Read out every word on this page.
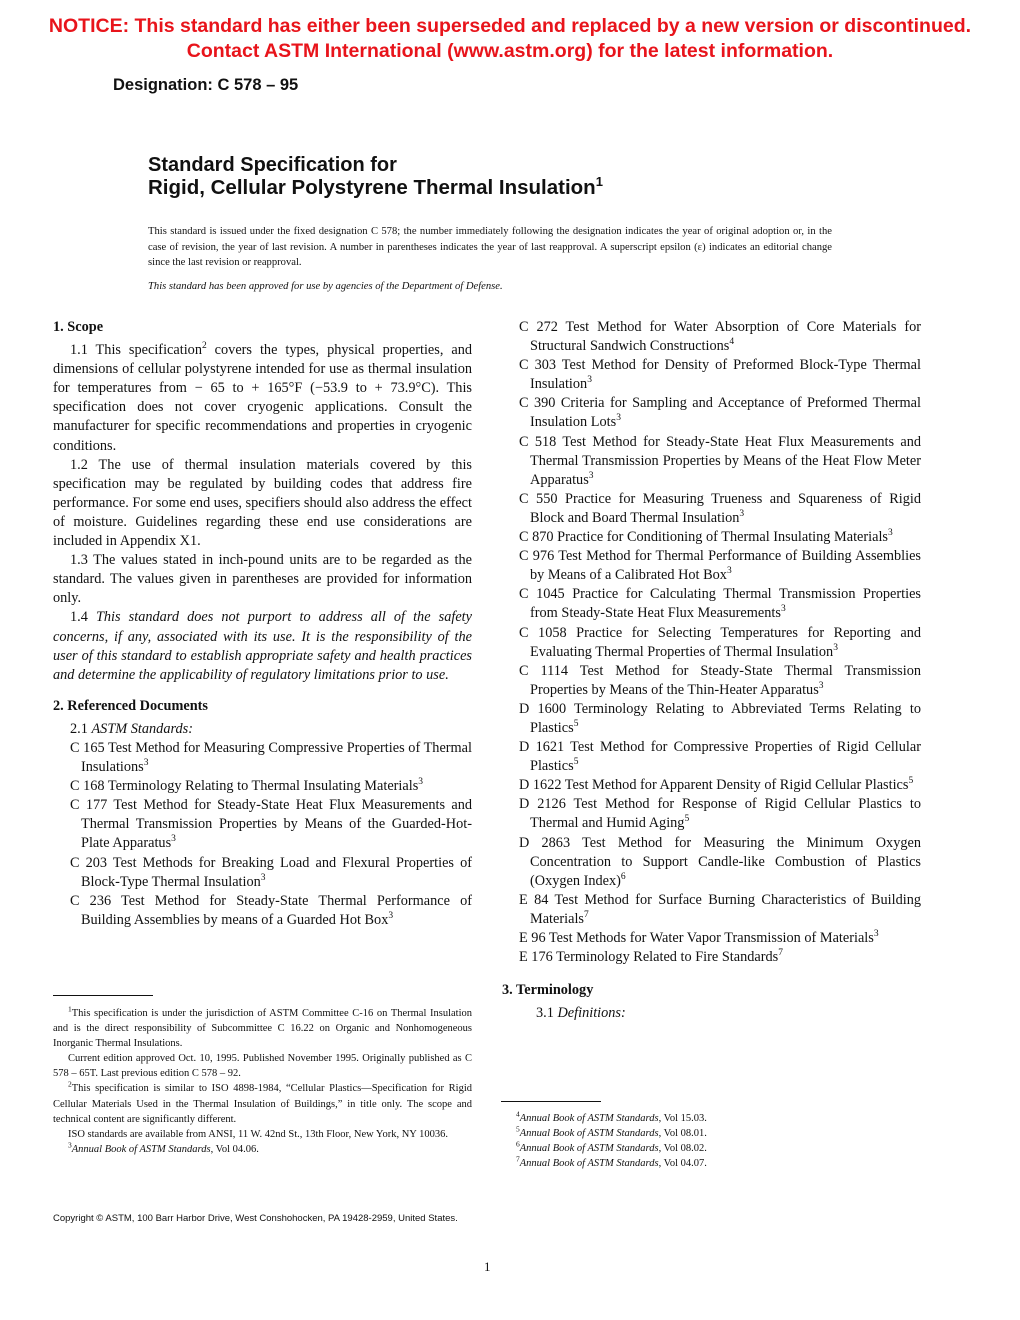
NOTICE: This standard has either been superseded and replaced by a new version or discontinued.
Contact ASTM International (www.astm.org) for the latest information.
Designation: C 578 – 95
Standard Specification for
Rigid, Cellular Polystyrene Thermal Insulation$^1$
This standard is issued under the fixed designation C 578; the number immediately following the designation indicates the year of original adoption or, in the case of revision, the year of last revision. A number in parentheses indicates the year of last reapproval. A superscript epsilon (ε) indicates an editorial change since the last revision or reapproval.
This standard has been approved for use by agencies of the Department of Defense.

1. Scope

1.1 This specification$^2$ covers the types, physical properties, and dimensions of cellular polystyrene intended for use as thermal insulation for temperatures from − 65 to + 165°F (−53.9 to + 73.9°C). This specification does not cover cryogenic applications. Consult the manufacturer for specific recommendations and properties in cryogenic conditions.

1.2 The use of thermal insulation materials covered by this specification may be regulated by building codes that address fire performance. For some end uses, specifiers should also address the effect of moisture. Guidelines regarding these end use considerations are included in Appendix X1.

1.3 The values stated in inch-pound units are to be regarded as the standard. The values given in parentheses are provided for information only.

1.4 This standard does not purport to address all of the safety concerns, if any, associated with its use. It is the responsibility of the user of this standard to establish appropriate safety and health practices and determine the applicability of regulatory limitations prior to use.

2. Referenced Documents

2.1 ASTM Standards:

C 165 Test Method for Measuring Compressive Properties of Thermal Insulations$^3$

C 168 Terminology Relating to Thermal Insulating Materials$^3$

C 177 Test Method for Steady-State Heat Flux Measurements and Thermal Transmission Properties by Means of the Guarded-Hot-Plate Apparatus$^3$

C 203 Test Methods for Breaking Load and Flexural Properties of Block-Type Thermal Insulation$^3$

C 236 Test Method for Steady-State Thermal Performance of Building Assemblies by means of a Guarded Hot Box$^3$

C 272 Test Method for Water Absorption of Core Materials for Structural Sandwich Constructions$^4$

C 303 Test Method for Density of Preformed Block-Type Thermal Insulation$^3$

C 390 Criteria for Sampling and Acceptance of Preformed Thermal Insulation Lots$^3$

C 518 Test Method for Steady-State Heat Flux Measurements and Thermal Transmission Properties by Means of the Heat Flow Meter Apparatus$^3$

C 550 Practice for Measuring Trueness and Squareness of Rigid Block and Board Thermal Insulation$^3$

C 870 Practice for Conditioning of Thermal Insulating Materials$^3$

C 976 Test Method for Thermal Performance of Building Assemblies by Means of a Calibrated Hot Box$^3$

C 1045 Practice for Calculating Thermal Transmission Properties from Steady-State Heat Flux Measurements$^3$

C 1058 Practice for Selecting Temperatures for Reporting and Evaluating Thermal Properties of Thermal Insulation$^3$

C 1114 Test Method for Steady-State Thermal Transmission Properties by Means of the Thin-Heater Apparatus$^3$

D 1600 Terminology Relating to Abbreviated Terms Relating to Plastics$^5$

D 1621 Test Method for Compressive Properties of Rigid Cellular Plastics$^5$

D 1622 Test Method for Apparent Density of Rigid Cellular Plastics$^5$

D 2126 Test Method for Response of Rigid Cellular Plastics to Thermal and Humid Aging$^5$

D 2863 Test Method for Measuring the Minimum Oxygen Concentration to Support Candle-like Combustion of Plastics (Oxygen Index)$^6$

E 84 Test Method for Surface Burning Characteristics of Building Materials$^7$

E 96 Test Methods for Water Vapor Transmission of Materials$^3$

E 176 Terminology Related to Fire Standards$^7$

3. Terminology

3.1 Definitions:

$^1$This specification is under the jurisdiction of ASTM Committee C-16 on Thermal Insulation and is the direct responsibility of Subcommittee C 16.22 on Organic and Nonhomogeneous Inorganic Thermal Insulations.

Current edition approved Oct. 10, 1995. Published November 1995. Originally published as C 578 – 65T. Last previous edition C 578 – 92.

$^2$This specification is similar to ISO 4898-1984, “Cellular Plastics—Specification for Rigid Cellular Materials Used in the Thermal Insulation of Buildings,” in title only. The scope and technical content are significantly different.

ISO standards are available from ANSI, 11 W. 42nd St., 13th Floor, New York, NY 10036.

$^3$Annual Book of ASTM Standards, Vol 04.06.

$^4$Annual Book of ASTM Standards, Vol 15.03.

$^5$Annual Book of ASTM Standards, Vol 08.01.

$^6$Annual Book of ASTM Standards, Vol 08.02.

$^7$Annual Book of ASTM Standards, Vol 04.07.

Copyright © ASTM, 100 Barr Harbor Drive, West Conshohocken, PA 19428-2959, United States.
1
